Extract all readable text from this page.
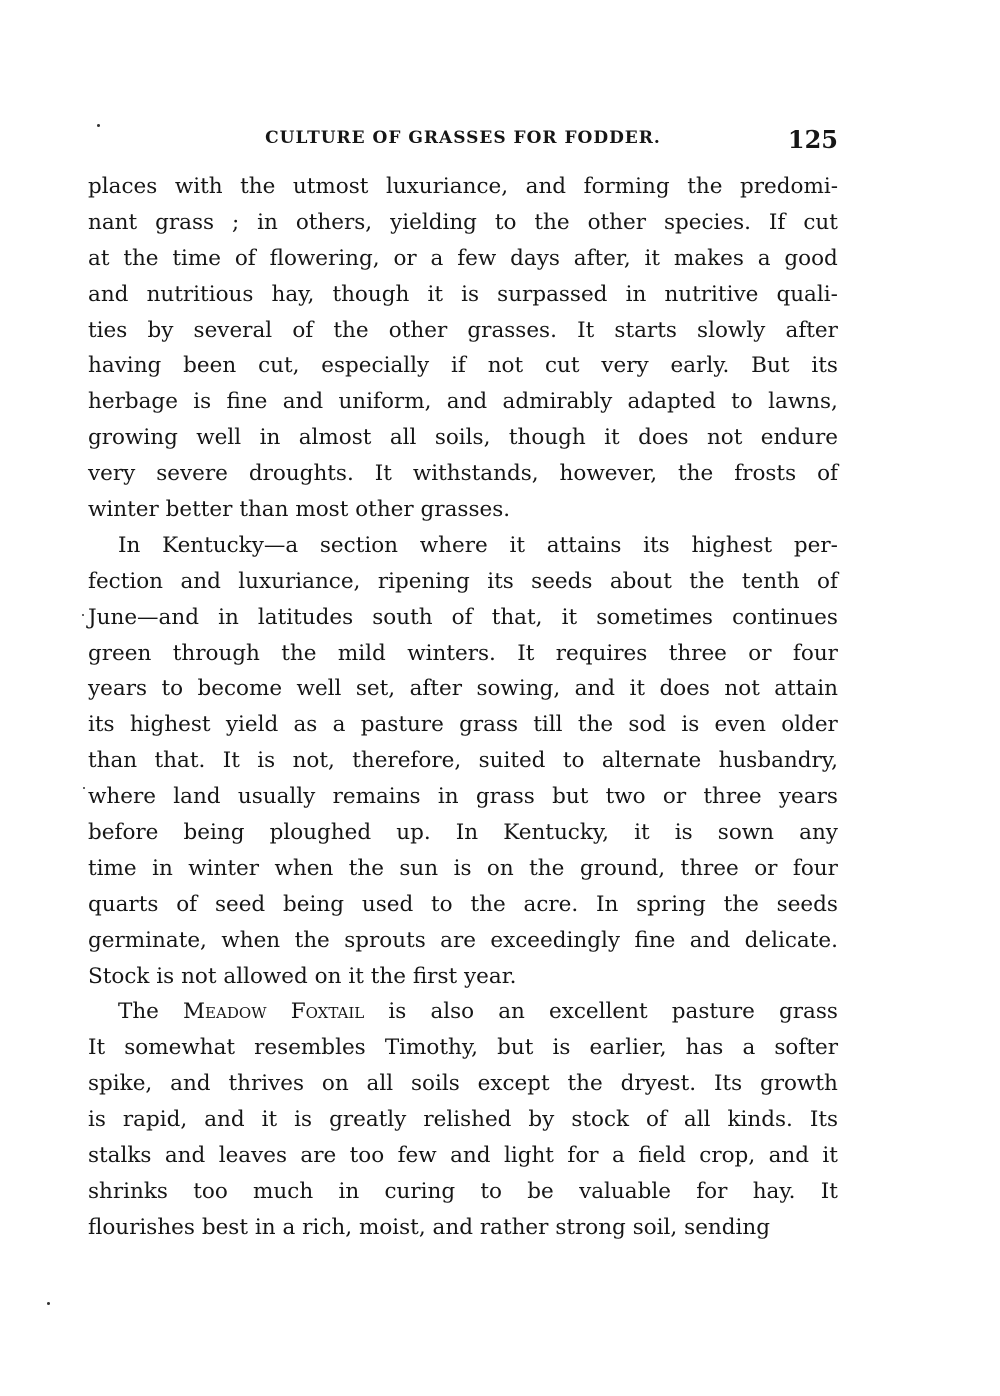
CULTURE OF GRASSES FOR FODDER.	125
places with the utmost luxuriance, and forming the predomi-
nant grass ; in others, yielding to the other species. If cut
at the time of flowering, or a few days after, it makes a good
and nutritious hay, though it is surpassed in nutritive quali-
ties by several of the other grasses. It starts slowly after
having been cut, especially if not cut very early. But its
herbage is fine and uniform, and admirably adapted to lawns,
growing well in almost all soils, though it does not endure
very severe droughts. It withstands, however, the frosts of
winter better than most other grasses.
In Kentucky—a section where it attains its highest per-
fection and luxuriance, ripening its seeds about the tenth of
June—and in latitudes south of that, it sometimes continues
green through the mild winters. It requires three or four
years to become well set, after sowing, and it does not attain
its highest yield as a pasture grass till the sod is even older
than that. It is not, therefore, suited to alternate husbandry,
where land usually remains in grass but two or three years
before being ploughed up. In Kentucky, it is sown any
time in winter when the sun is on the ground, three or four
quarts of seed being used to the acre. In spring the seeds
germinate, when the sprouts are exceedingly fine and delicate.
Stock is not allowed on it the first year.
The Meadow Foxtail is also an excellent pasture grass
It somewhat resembles Timothy, but is earlier, has a softer
spike, and thrives on all soils except the dryest. Its growth
is rapid, and it is greatly relished by stock of all kinds. Its
stalks and leaves are too few and light for a field crop, and it
shrinks too much in curing to be valuable for hay. It
flourishes best in a rich, moist, and rather strong soil, sending
